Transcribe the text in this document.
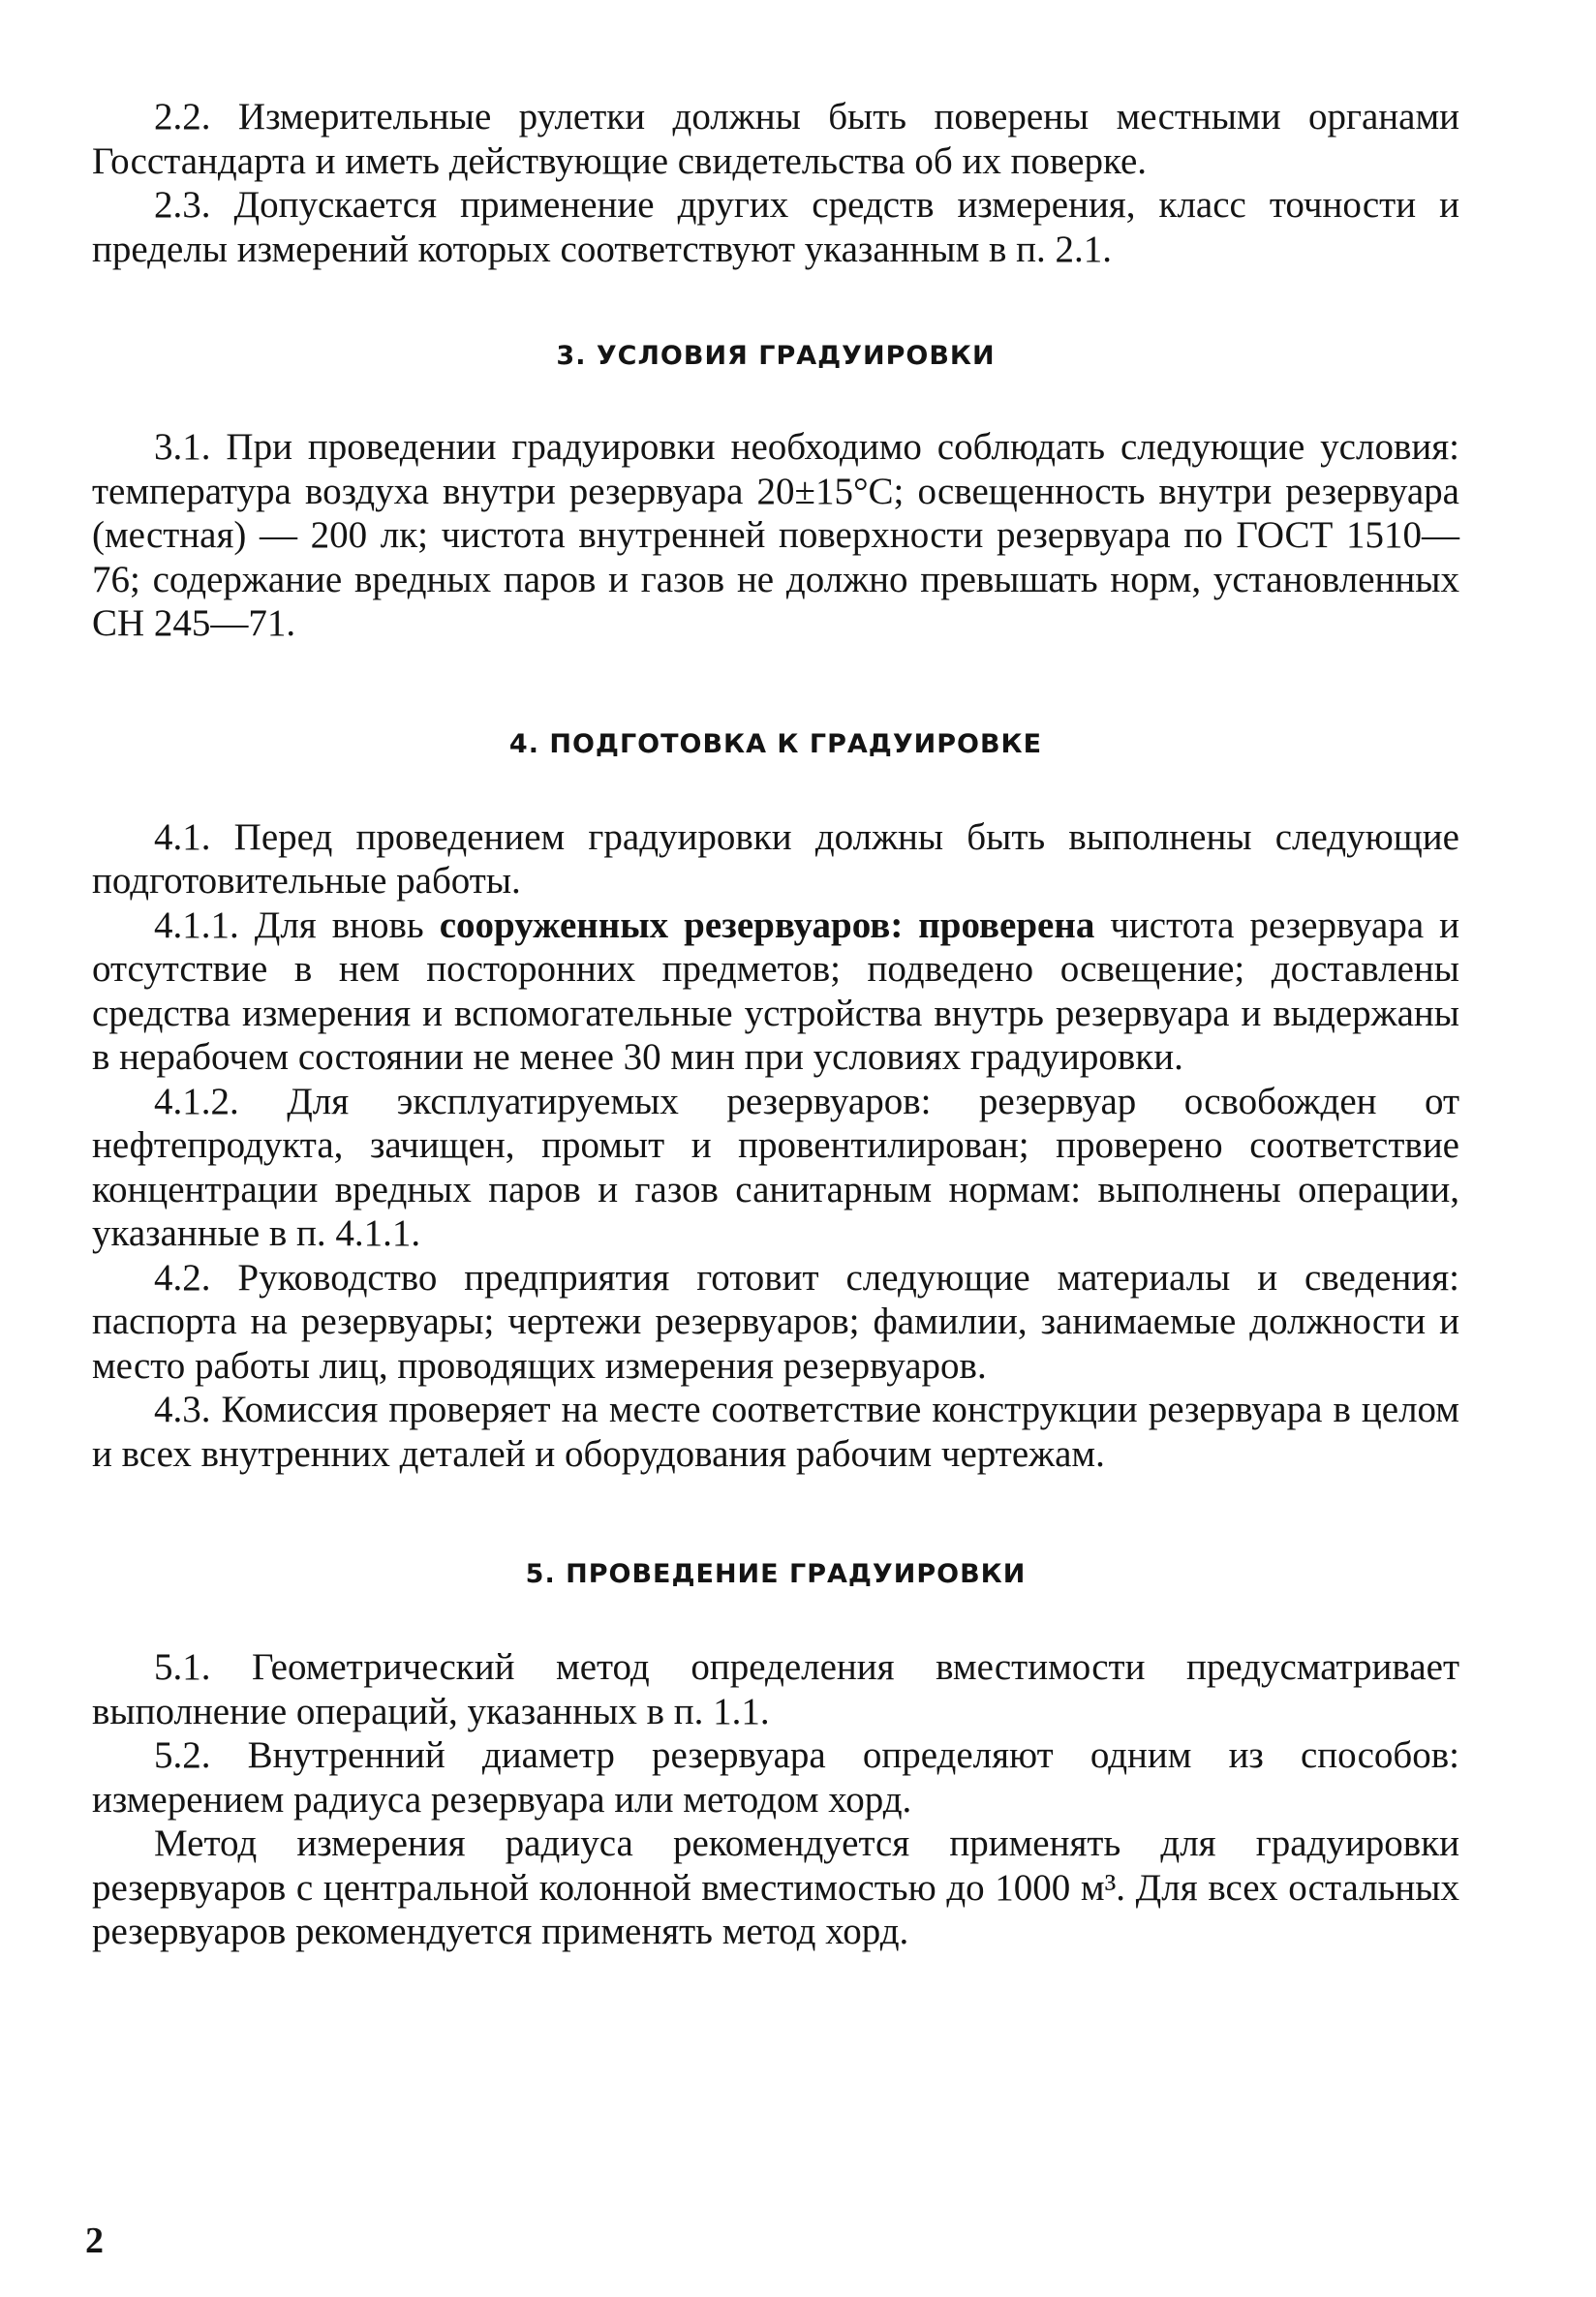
2.2. Измерительные рулетки должны быть поверены местными органами Госстандарта и иметь действующие свидетельства об их поверке.

2.3. Допускается применение других средств измерения, класс точности и пределы измерений которых соответствуют указанным в п. 2.1.

3. УСЛОВИЯ ГРАДУИРОВКИ

3.1. При проведении градуировки необходимо соблюдать следующие условия: температура воздуха внутри резервуара 20±15°С; освещенность внутри резервуара (местная) — 200 лк; чистота внутренней поверхности резервуара по ГОСТ 1510—76; содержание вредных паров и газов не должно превышать норм, установленных СН 245—71.

4. ПОДГОТОВКА К ГРАДУИРОВКЕ

4.1. Перед проведением градуировки должны быть выполнены следующие подготовительные работы.

4.1.1. Для вновь сооруженных резервуаров: проверена чистота резервуара и отсутствие в нем посторонних предметов; подведено освещение; доставлены средства измерения и вспомогательные устройства внутрь резервуара и выдержаны в нерабочем состоянии не менее 30 мин при условиях градуировки.

4.1.2. Для эксплуатируемых резервуаров: резервуар освобожден от нефтепродукта, зачищен, промыт и провентилирован; проверено соответствие концентрации вредных паров и газов санитарным нормам: выполнены операции, указанные в п. 4.1.1.

4.2. Руководство предприятия готовит следующие материалы и сведения: паспорта на резервуары; чертежи резервуаров; фамилии, занимаемые должности и место работы лиц, проводящих измерения резервуаров.

4.3. Комиссия проверяет на месте соответствие конструкции резервуара в целом и всех внутренних деталей и оборудования рабочим чертежам.

5. ПРОВЕДЕНИЕ ГРАДУИРОВКИ

5.1. Геометрический метод определения вместимости предусматривает выполнение операций, указанных в п. 1.1.

5.2. Внутренний диаметр резервуара определяют одним из способов: измерением радиуса резервуара или методом хорд.

Метод измерения радиуса рекомендуется применять для градуировки резервуаров с центральной колонной вместимостью до 1000 м³. Для всех остальных резервуаров рекомендуется применять метод хорд.

2
